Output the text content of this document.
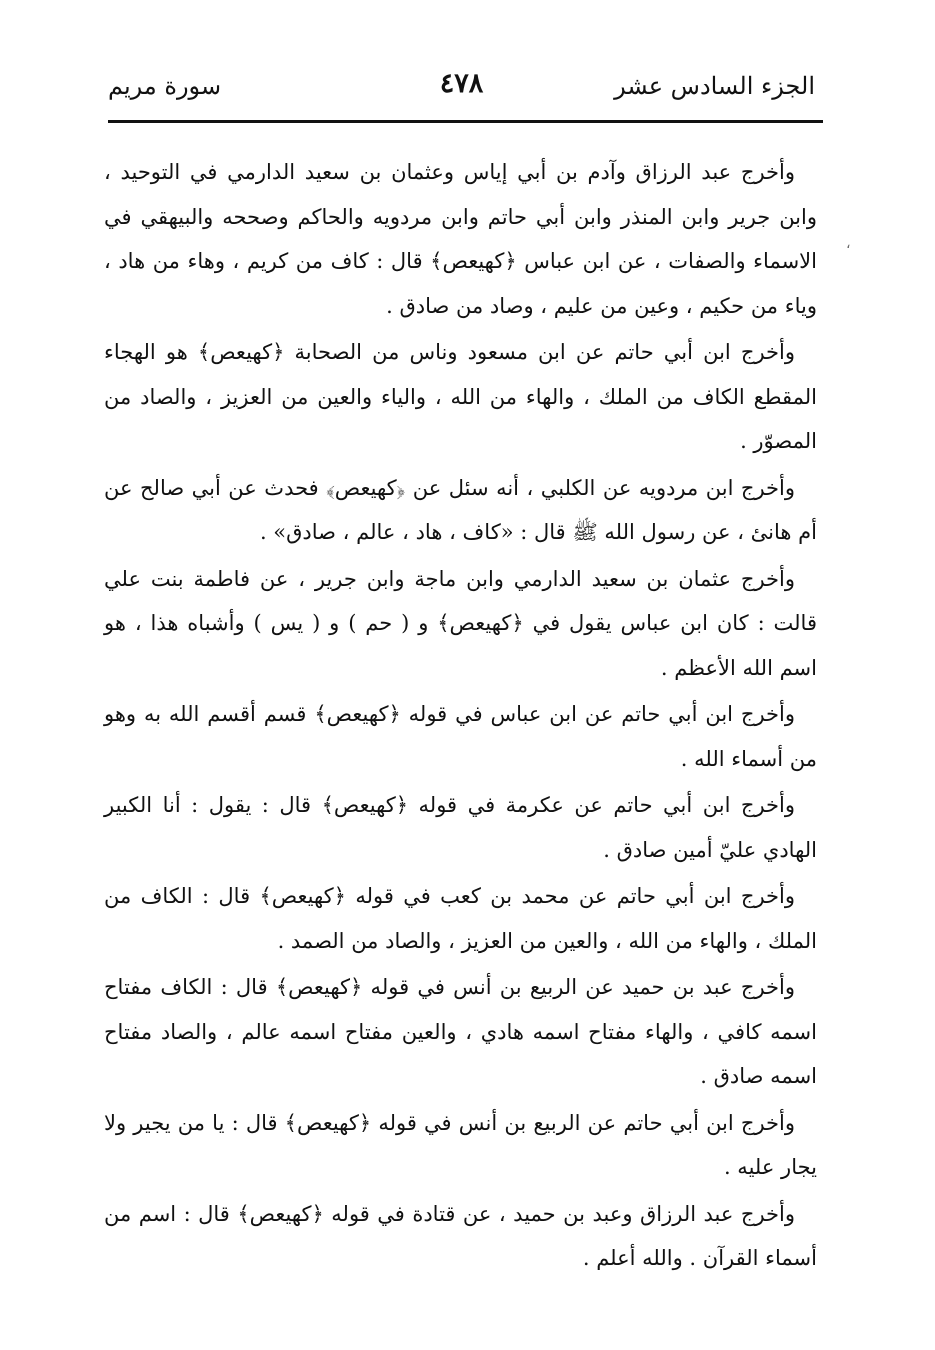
الجزء السادس عشر
٤٧٨
سورة مريم
،

وأخرج عبد الرزاق وآدم بن أبي إياس وعثمان بن سعيد الدارمي في التوحيد ، وابن جرير وابن المنذر وابن أبي حاتم وابن مردويه والحاكم وصححه والبيهقي في الاسماء والصفات ، عن ابن عباس ﴿كهيعص﴾ قال : كاف من كريم ، وهاء من هاد ، وياء من حكيم ، وعين من عليم ، وصاد من صادق .

وأخرج ابن أبي حاتم عن ابن مسعود وناس من الصحابة ﴿كهيعص﴾ هو الهجاء المقطع الكاف من الملك ، والهاء من الله ، والياء والعين من العزيز ، والصاد من المصوّر .

وأخرج ابن مردويه عن الكلبي ، أنه سئل عن ﴿كهيعص﴾ فحدث عن أبي صالح عن أم هانئ ، عن رسول الله ﷺ قال : «كاف ، هاد ، عالم ، صادق» .

وأخرج عثمان بن سعيد الدارمي وابن ماجة وابن جرير ، عن فاطمة بنت علي قالت : كان ابن عباس يقول في ﴿كهيعص﴾ و ( حم ) و ( يس ) وأشباه هذا ، هو اسم الله الأعظم .

وأخرج ابن أبي حاتم عن ابن عباس في قوله ﴿كهيعص﴾ قسم أقسم الله به وهو من أسماء الله .

وأخرج ابن أبي حاتم عن عكرمة في قوله ﴿كهيعص﴾ قال : يقول : أنا الكبير الهادي عليّ أمين صادق .

وأخرج ابن أبي حاتم عن محمد بن كعب في قوله ﴿كهيعص﴾ قال : الكاف من الملك ، والهاء من الله ، والعين من العزيز ، والصاد من الصمد .

وأخرج عبد بن حميد عن الربيع بن أنس في قوله ﴿كهيعص﴾ قال : الكاف مفتاح اسمه كافي ، والهاء مفتاح اسمه هادي ، والعين مفتاح اسمه عالم ، والصاد مفتاح اسمه صادق .

وأخرج ابن أبي حاتم عن الربيع بن أنس في قوله ﴿كهيعص﴾ قال : يا من يجير ولا يجار عليه .

وأخرج عبد الرزاق وعبد بن حميد ، عن قتادة في قوله ﴿كهيعص﴾ قال : اسم من أسماء القرآن . والله أعلم .
